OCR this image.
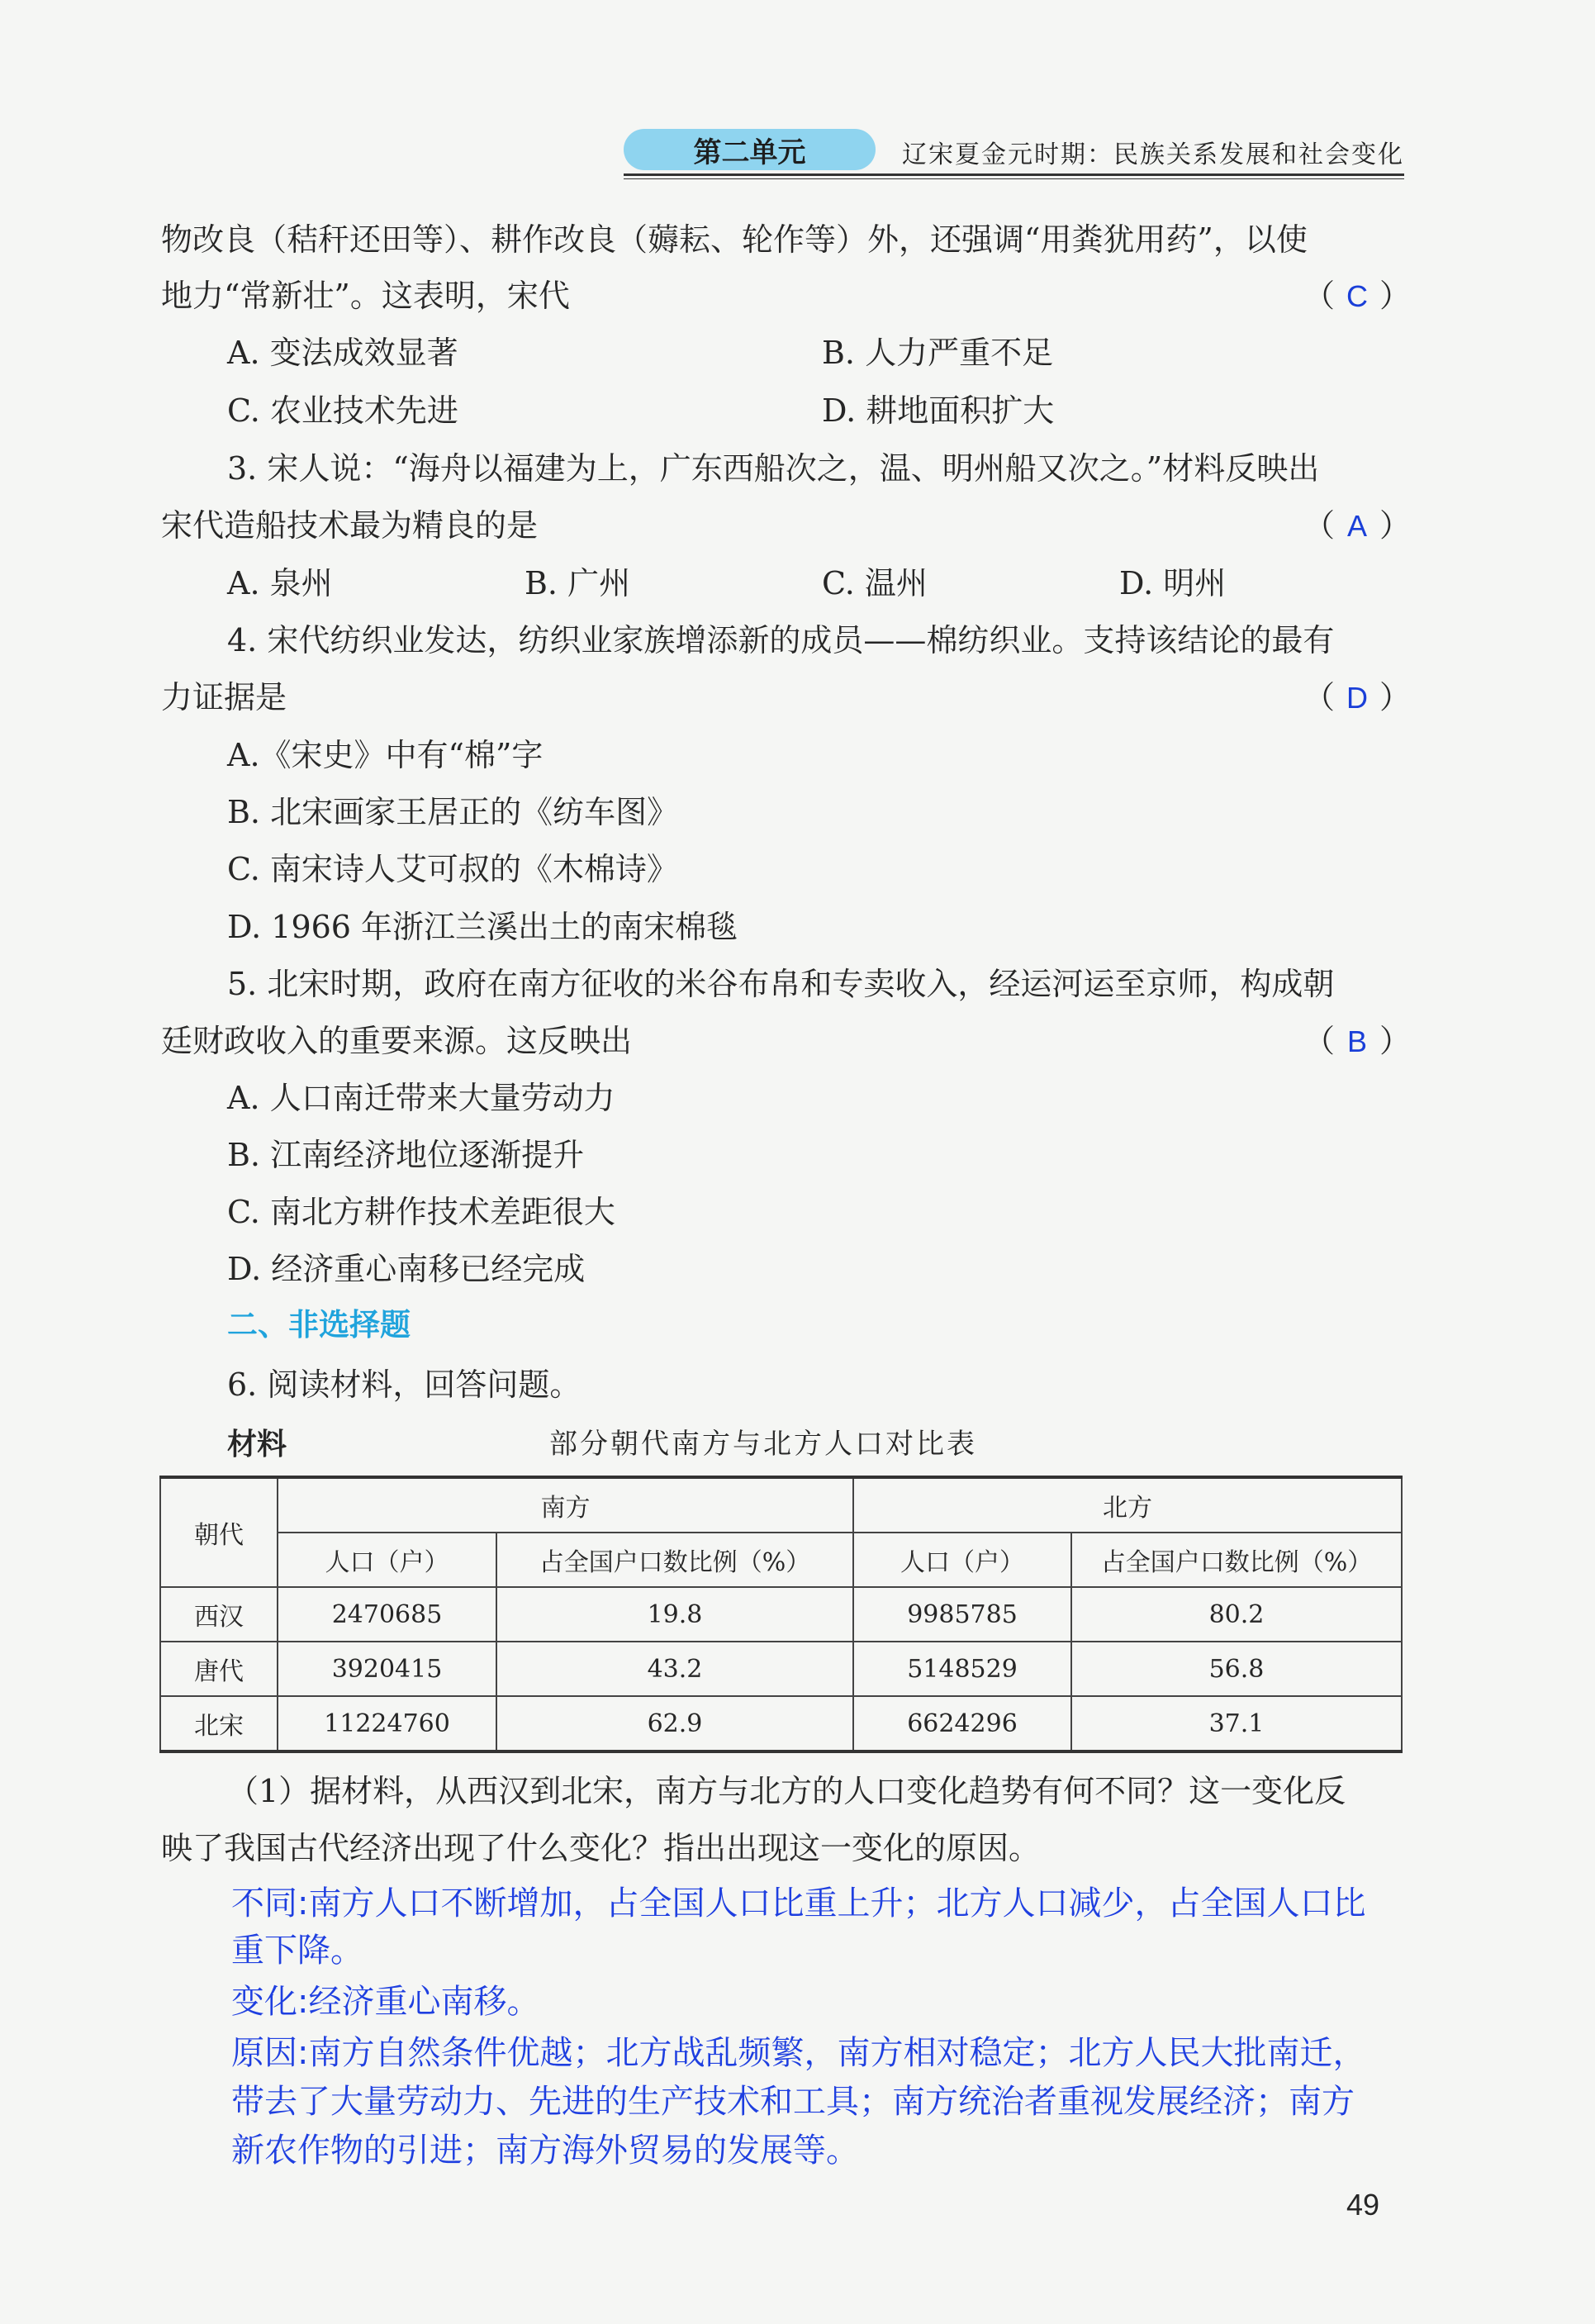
第二单元	辽宋夏金元时期：民族关系发展和社会变化
物改良（秸秆还田等）、耕作改良（薅耘、轮作等）外，还强调“用粪犹用药”，以使
地力“常新壮”。这表明，宋代	（ C ）
A. 变法成效显著	B. 人力严重不足
C. 农业技术先进	D. 耕地面积扩大
3. 宋人说：“海舟以福建为上，广东西船次之，温、明州船又次之。”材料反映出
宋代造船技术最为精良的是	（ A ）
A. 泉州	B. 广州	C. 温州	D. 明州
4. 宋代纺织业发达，纺织业家族增添新的成员——棉纺织业。支持该结论的最有
力证据是	（ D ）
A.《宋史》中有“棉”字
B. 北宋画家王居正的《纺车图》
C. 南宋诗人艾可叔的《木棉诗》
D. 1966 年浙江兰溪出土的南宋棉毯
5. 北宋时期，政府在南方征收的米谷布帛和专卖收入，经运河运至京师，构成朝
廷财政收入的重要来源。这反映出	（ B ）
A. 人口南迁带来大量劳动力
B. 江南经济地位逐渐提升
C. 南北方耕作技术差距很大
D. 经济重心南移已经完成
二、非选择题
6. 阅读材料，回答问题。
材料	部分朝代南方与北方人口对比表
朝代	南方		北方	
	人口（户）	占全国户口数比例（%）	人口（户）	占全国户口数比例（%）
西汉	2470685	19.8	9985785	80.2
唐代	3920415	43.2	5148529	56.8
北宋	11224760	62.9	6624296	37.1
（1）据材料，从西汉到北宋，南方与北方的人口变化趋势有何不同？这一变化反
映了我国古代经济出现了什么变化？指出出现这一变化的原因。
不同:南方人口不断增加，占全国人口比重上升；北方人口减少，占全国人口比
重下降。
变化:经济重心南移。
原因:南方自然条件优越；北方战乱频繁，南方相对稳定；北方人民大批南迁，
带去了大量劳动力、先进的生产技术和工具；南方统治者重视发展经济；南方
新农作物的引进；南方海外贸易的发展等。
49
